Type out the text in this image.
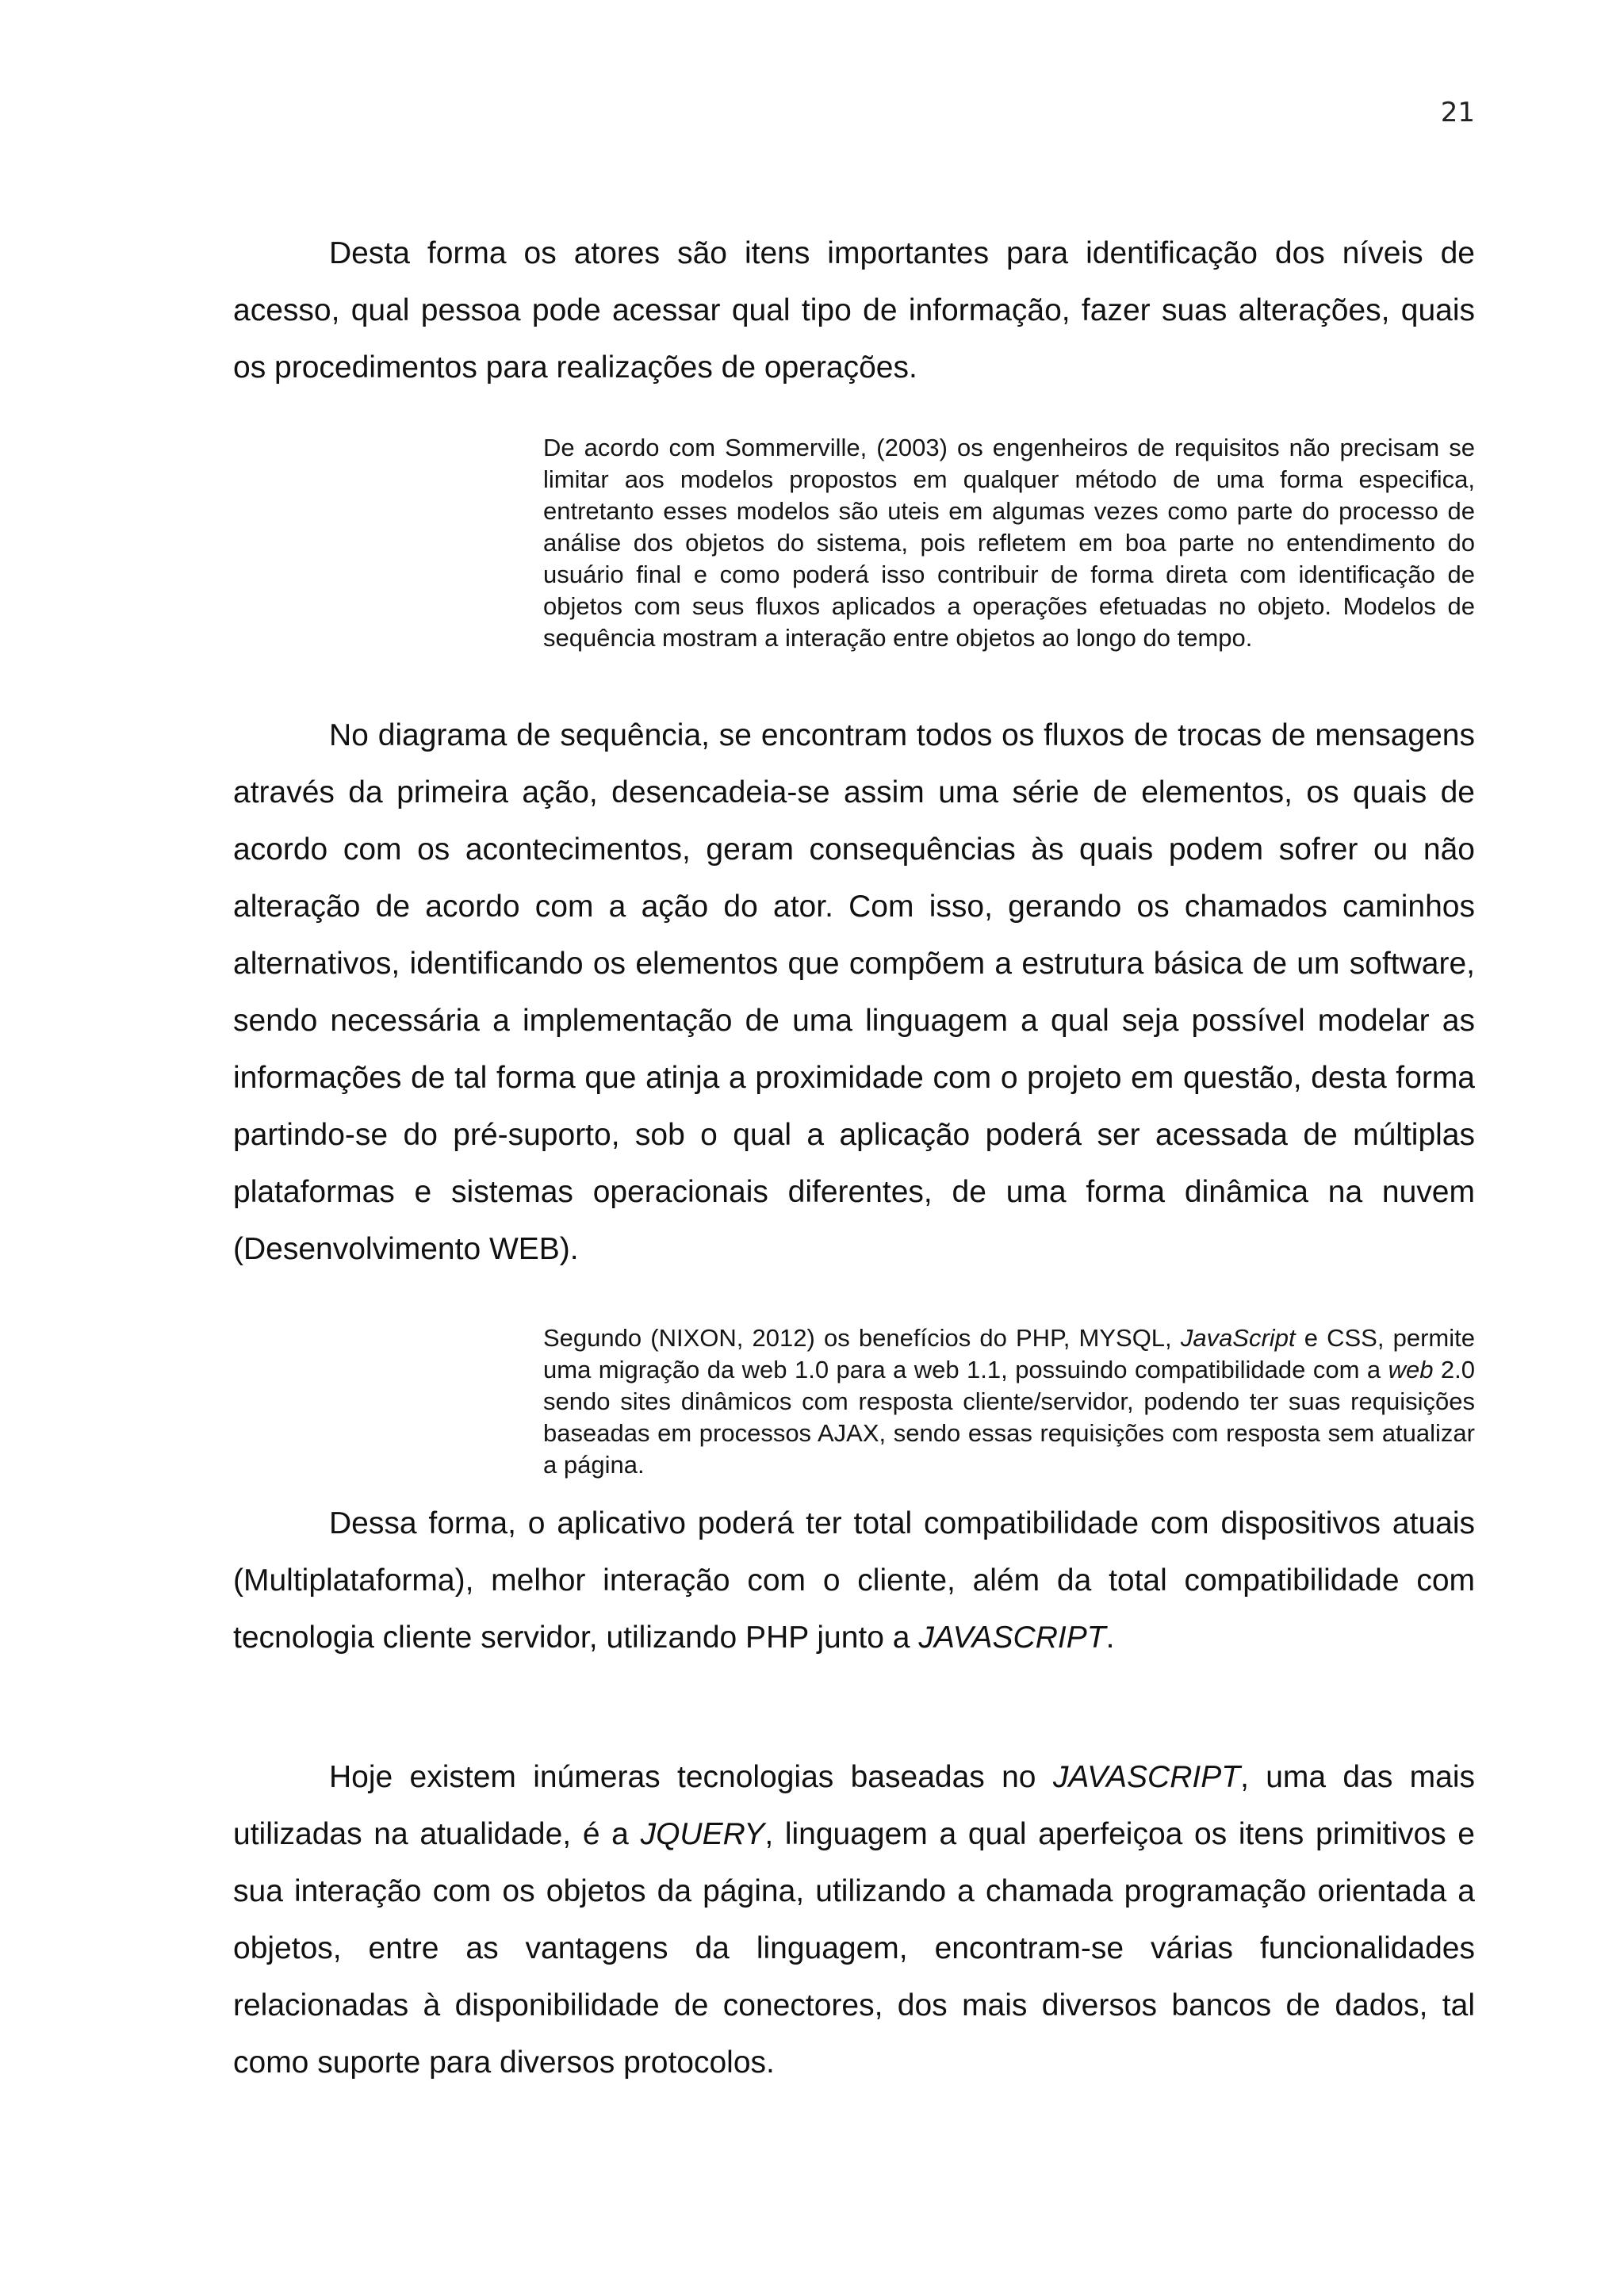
21

Desta forma os atores são itens importantes para identificação dos níveis de acesso, qual pessoa pode acessar qual tipo de informação, fazer suas alterações, quais os procedimentos para realizações de operações.

De acordo com Sommerville, (2003) os engenheiros de requisitos não precisam se limitar aos modelos propostos em qualquer método de uma forma especifica, entretanto esses modelos são uteis em algumas vezes como parte do processo de análise dos objetos do sistema, pois refletem em boa parte no entendimento do usuário final e como poderá isso contribuir de forma direta com identificação de objetos com seus fluxos aplicados a operações efetuadas no objeto. Modelos de sequência mostram a interação entre objetos ao longo do tempo.

No diagrama de sequência, se encontram todos os fluxos de trocas de mensagens através da primeira ação, desencadeia-se assim uma série de elementos, os quais de acordo com os acontecimentos, geram consequências às quais podem sofrer ou não alteração de acordo com a ação do ator. Com isso, gerando os chamados caminhos alternativos, identificando os elementos que compõem a estrutura básica de um software, sendo necessária a implementação de uma linguagem a qual seja possível modelar as informações de tal forma que atinja a proximidade com o projeto em questão, desta forma partindo-se do pré-suporto, sob o qual a aplicação poderá ser acessada de múltiplas plataformas e sistemas operacionais diferentes, de uma forma dinâmica na nuvem (Desenvolvimento WEB).

Segundo (NIXON, 2012) os benefícios do PHP, MYSQL, JavaScript e CSS, permite uma migração da web 1.0 para a web 1.1, possuindo compatibilidade com a web 2.0 sendo sites dinâmicos com resposta cliente/servidor, podendo ter suas requisições baseadas em processos AJAX, sendo essas requisições com resposta sem atualizar a página.

Dessa forma, o aplicativo poderá ter total compatibilidade com dispositivos atuais (Multiplataforma), melhor interação com o cliente, além da total compatibilidade com tecnologia cliente servidor, utilizando PHP junto a JAVASCRIPT.

Hoje existem inúmeras tecnologias baseadas no JAVASCRIPT, uma das mais utilizadas na atualidade, é a JQUERY, linguagem a qual aperfeiçoa os itens primitivos e sua interação com os objetos da página, utilizando a chamada programação orientada a objetos, entre as vantagens da linguagem, encontram-se várias funcionalidades relacionadas à disponibilidade de conectores, dos mais diversos bancos de dados, tal como suporte para diversos protocolos.
